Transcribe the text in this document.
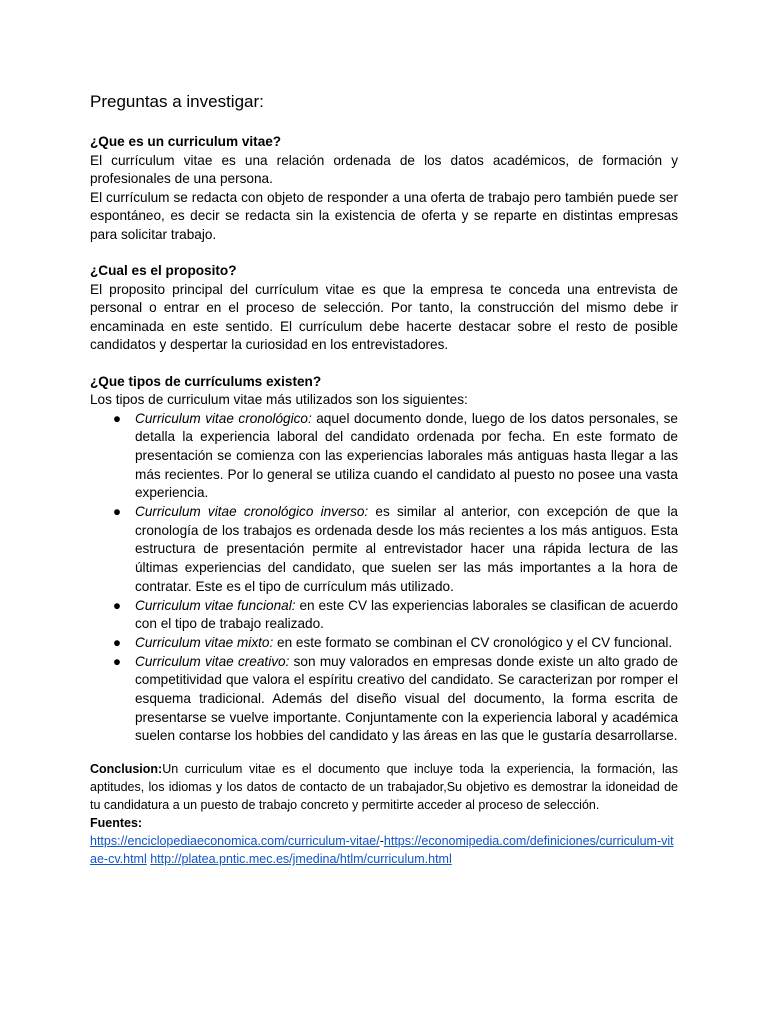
Preguntas a investigar:
¿Que es un curriculum vitae?

El currículum vitae es una relación ordenada de los datos académicos, de formación y profesionales de una persona.

El currículum se redacta con objeto de responder a una oferta de trabajo pero también puede ser espontáneo, es decir se redacta sin la existencia de oferta y se reparte en distintas empresas para solicitar trabajo.

¿Cual es el proposito?

El proposito principal del currículum vitae es que la empresa te conceda una entrevista de personal o entrar en el proceso de selección. Por tanto, la construcción del mismo debe ir encaminada en este sentido. El currículum debe hacerte destacar sobre el resto de posible candidatos y despertar la curiosidad en los entrevistadores.

¿Que tipos de currículums existen?

Los tipos de curriculum vitae más utilizados son los siguientes:

● Curriculum vitae cronológico: aquel documento donde, luego de los datos personales, se detalla la experiencia laboral del candidato ordenada por fecha. En este formato de presentación se comienza con las experiencias laborales más antiguas hasta llegar a las más recientes. Por lo general se utiliza cuando el candidato al puesto no posee una vasta experiencia.
● Curriculum vitae cronológico inverso: es similar al anterior, con excepción de que la cronología de los trabajos es ordenada desde los más recientes a los más antiguos. Esta estructura de presentación permite al entrevistador hacer una rápida lectura de las últimas experiencias del candidato, que suelen ser las más importantes a la hora de contratar. Este es el tipo de currículum más utilizado.
● Curriculum vitae funcional: en este CV las experiencias laborales se clasifican de acuerdo con el tipo de trabajo realizado.
● Curriculum vitae mixto: en este formato se combinan el CV cronológico y el CV funcional.
● Curriculum vitae creativo: son muy valorados en empresas donde existe un alto grado de competitividad que valora el espíritu creativo del candidato. Se caracterizan por romper el esquema tradicional. Además del diseño visual del documento, la forma escrita de presentarse se vuelve importante. Conjuntamente con la experiencia laboral y académica suelen contarse los hobbies del candidato y las áreas en las que le gustaría desarrollarse.
Conclusion:Un curriculum vitae es el documento que incluye toda la experiencia, la formación, las aptitudes, los idiomas y los datos de contacto de un trabajador,Su objetivo es demostrar la idoneidad de tu candidatura a un puesto de trabajo concreto y permitirte acceder al proceso de selección.
Fuentes:
https://enciclopediaeconomica.com/curriculum-vitae/-https://economipedia.com/definiciones/curriculum-vitae-cv.html http://platea.pntic.mec.es/jmedina/htlm/curriculum.html
